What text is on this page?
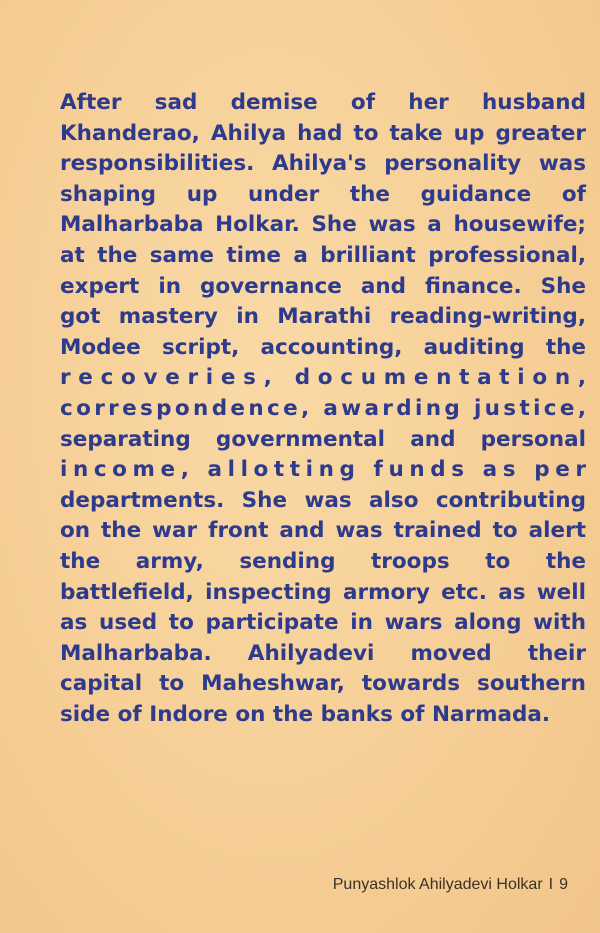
After sad demise of her husband
Khanderao, Ahilya had to take up greater
responsibilities. Ahilya's personality was
shaping up under the guidance of
Malharbaba Holkar. She was a housewife;
at the same time a brilliant professional,
expert in governance and finance. She
got mastery in Marathi reading-writing,
Modee script, accounting, auditing the
recoveries, documentation,
correspondence, awarding justice,
separating governmental and personal
income, allotting funds as per
departments. She was also contributing
on the war front and was trained to alert
the army, sending troops to the
battlefield, inspecting armory etc. as well
as used to participate in wars along with
Malharbaba. Ahilyadevi moved their
capital to Maheshwar, towards southern
side of Indore on the banks of Narmada.
Punyashlok Ahilyadevi Holkar I 9
